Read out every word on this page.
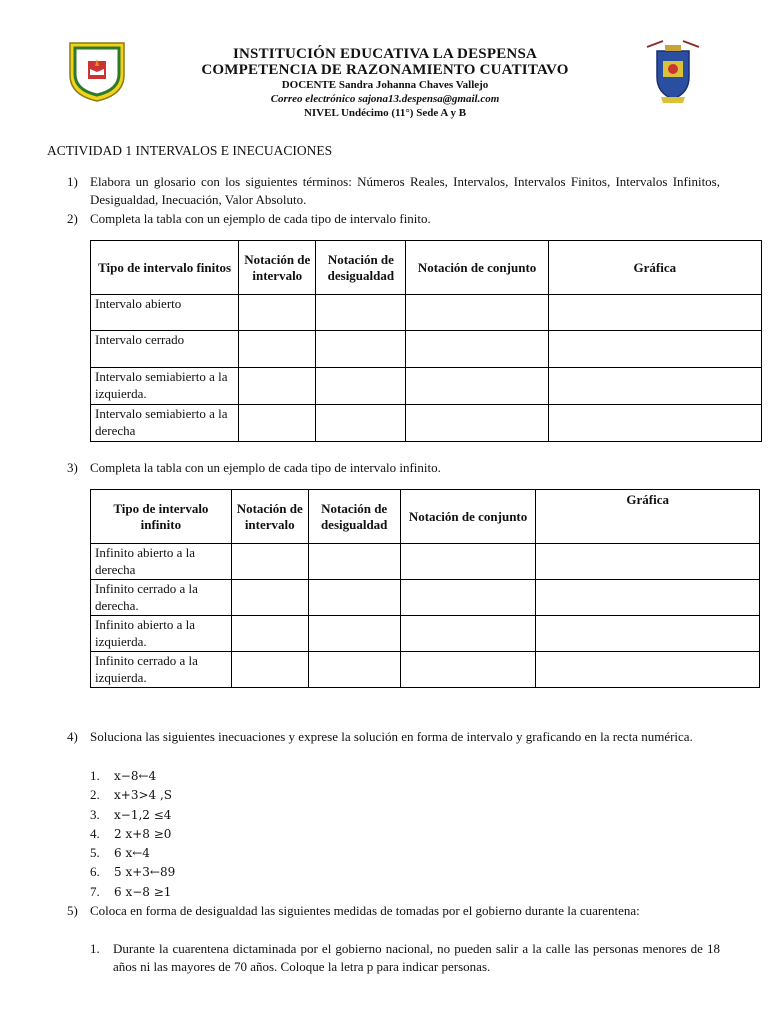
INSTITUCIÓN EDUCATIVA LA DESPENSA
COMPETENCIA DE RAZONAMIENTO CUATITAVO
DOCENTE Sandra Johanna Chaves Vallejo
Correo electrónico sajona13.despensa@gmail.com
NIVEL Undécimo (11°) Sede A y B
ACTIVIDAD 1 INTERVALOS E INECUACIONES
1) Elabora un glosario con los siguientes términos: Números Reales, Intervalos, Intervalos Finitos, Intervalos Infinitos, Desigualdad, Inecuación, Valor Absoluto.
2) Completa la tabla con un ejemplo de cada tipo de intervalo finito.
Tipo de intervalo finitos	Notación de intervalo	Notación de desigualdad	Notación de conjunto	Gráfica
Intervalo abierto				
Intervalo cerrado				
Intervalo semiabierto a la izquierda.				
Intervalo semiabierto a la derecha				
3) Completa la tabla con un ejemplo de cada tipo de intervalo infinito.
Tipo de intervalo infinito	Notación de intervalo	Notación de desigualdad	Notación de conjunto	Gráfica
Infinito abierto a la derecha				
Infinito cerrado a la derecha.				
Infinito abierto a la izquierda.				
Infinito cerrado a la izquierda.				
4) Soluciona las siguientes inecuaciones y exprese la solución en forma de intervalo y graficando en la recta numérica.
1. x−8←4
2. x+3>4 ,S
3. x−1,2 ≤4
4. 2 x+8 ≥0
5. 6 x←4
6. 5 x+3←89
7. 6 x−8 ≥1
5) Coloca en forma de desigualdad las siguientes medidas de tomadas por el gobierno durante la cuarentena:
1. Durante la cuarentena dictaminada por el gobierno nacional, no pueden salir a la calle las personas menores de 18 años ni las mayores de 70 años. Coloque la letra p para indicar personas.
